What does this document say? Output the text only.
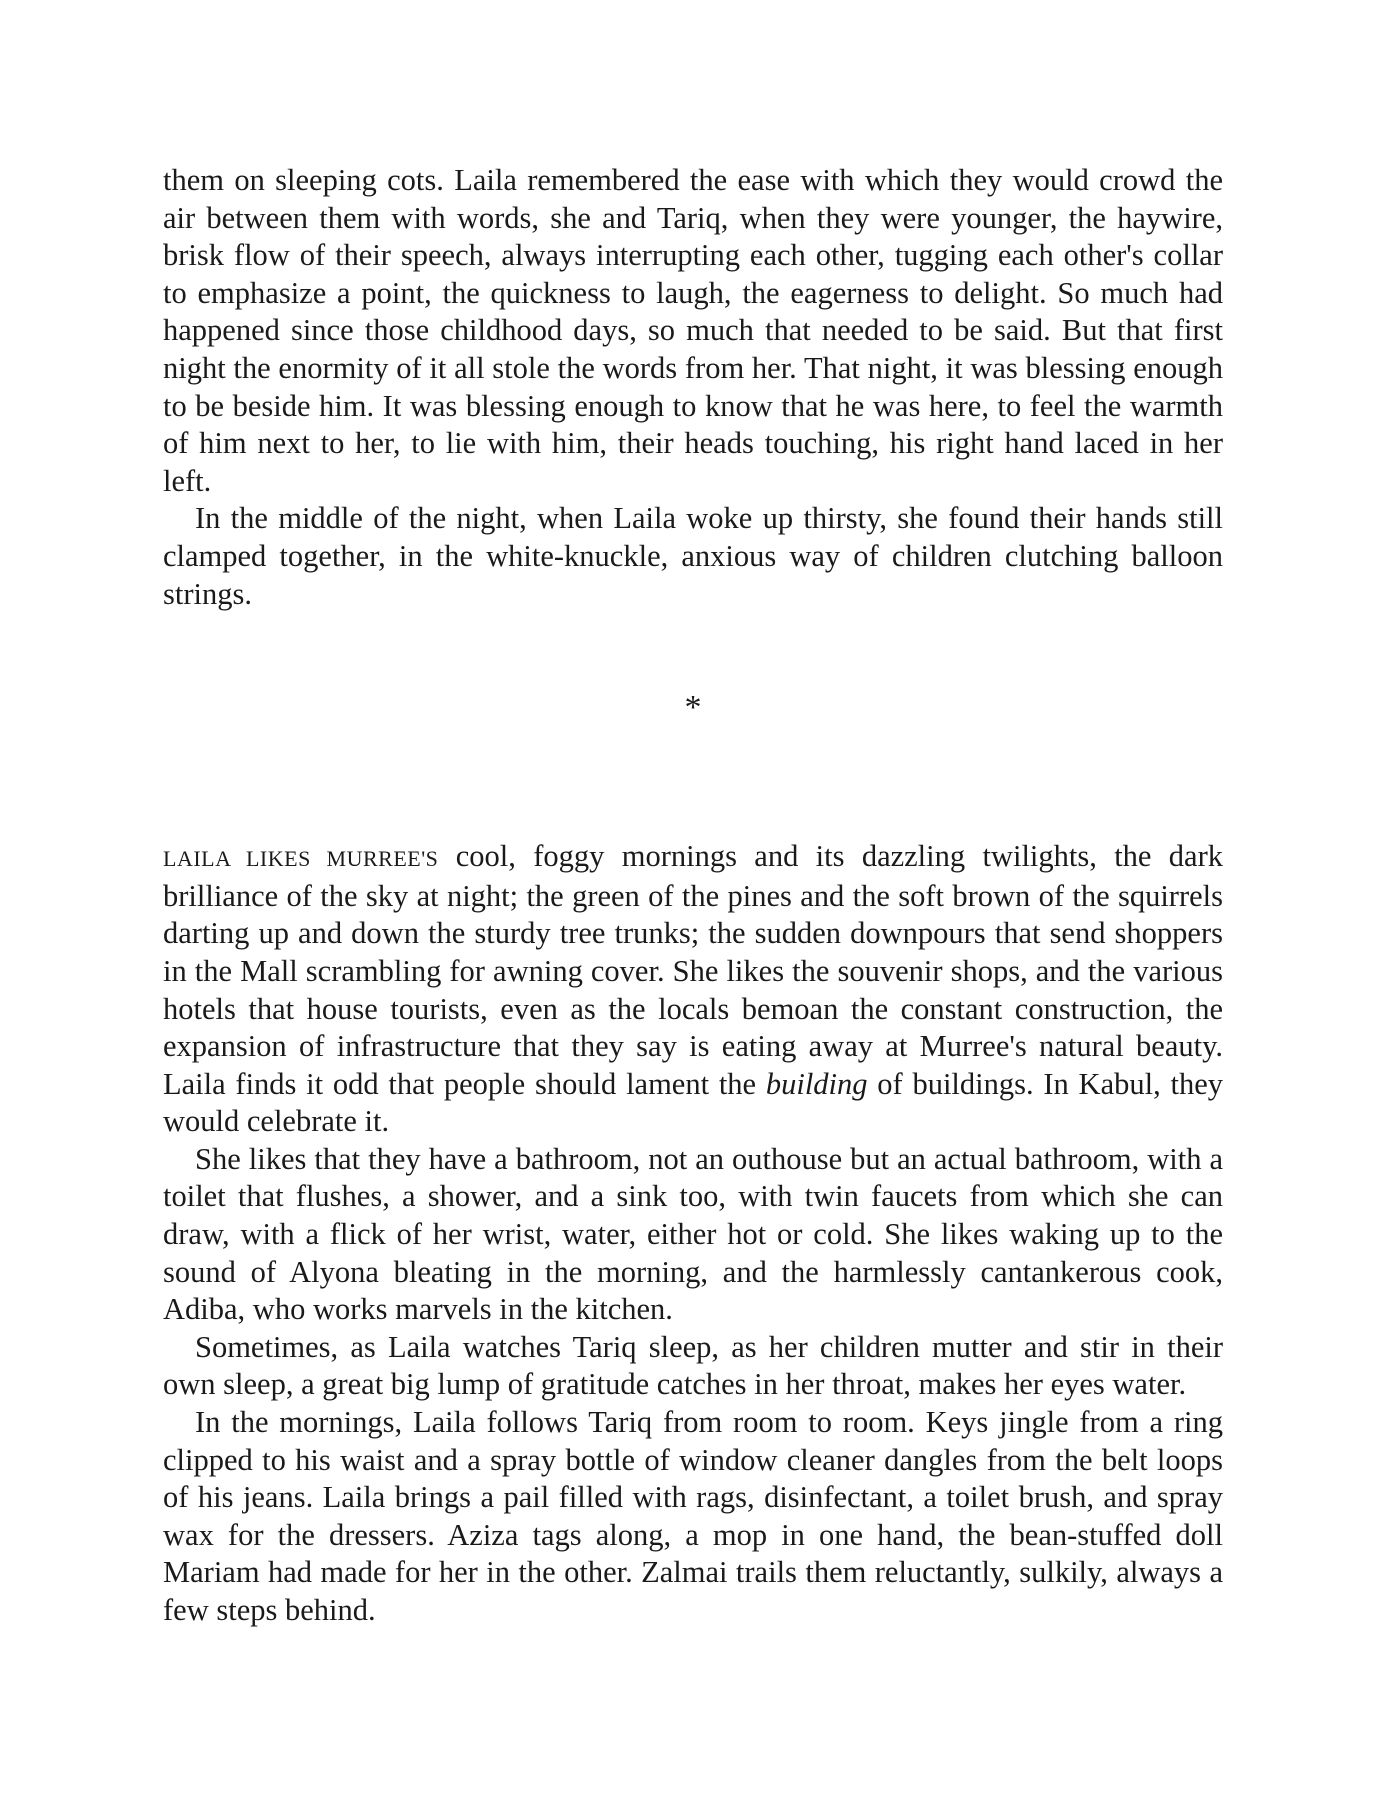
them on sleeping cots. Laila remembered the ease with which they would crowd the air between them with words, she and Tariq, when they were younger, the haywire, brisk flow of their speech, always interrupting each other, tugging each other's collar to emphasize a point, the quickness to laugh, the eagerness to delight. So much had happened since those childhood days, so much that needed to be said. But that first night the enormity of it all stole the words from her. That night, it was blessing enough to be beside him. It was blessing enough to know that he was here, to feel the warmth of him next to her, to lie with him, their heads touching, his right hand laced in her left.

In the middle of the night, when Laila woke up thirsty, she found their hands still clamped together, in the white-knuckle, anxious way of children clutching balloon strings.

*

LAILA LIKES MURREE'S cool, foggy mornings and its dazzling twilights, the dark brilliance of the sky at night; the green of the pines and the soft brown of the squirrels darting up and down the sturdy tree trunks; the sudden downpours that send shoppers in the Mall scrambling for awning cover. She likes the souvenir shops, and the various hotels that house tourists, even as the locals bemoan the constant construction, the expansion of infrastructure that they say is eating away at Murree's natural beauty. Laila finds it odd that people should lament the building of buildings. In Kabul, they would celebrate it.

She likes that they have a bathroom, not an outhouse but an actual bathroom, with a toilet that flushes, a shower, and a sink too, with twin faucets from which she can draw, with a flick of her wrist, water, either hot or cold. She likes waking up to the sound of Alyona bleating in the morning, and the harmlessly cantankerous cook, Adiba, who works marvels in the kitchen.

Sometimes, as Laila watches Tariq sleep, as her children mutter and stir in their own sleep, a great big lump of gratitude catches in her throat, makes her eyes water.

In the mornings, Laila follows Tariq from room to room. Keys jingle from a ring clipped to his waist and a spray bottle of window cleaner dangles from the belt loops of his jeans. Laila brings a pail filled with rags, disinfectant, a toilet brush, and spray wax for the dressers. Aziza tags along, a mop in one hand, the bean-stuffed doll Mariam had made for her in the other. Zalmai trails them reluctantly, sulkily, always a few steps behind.
